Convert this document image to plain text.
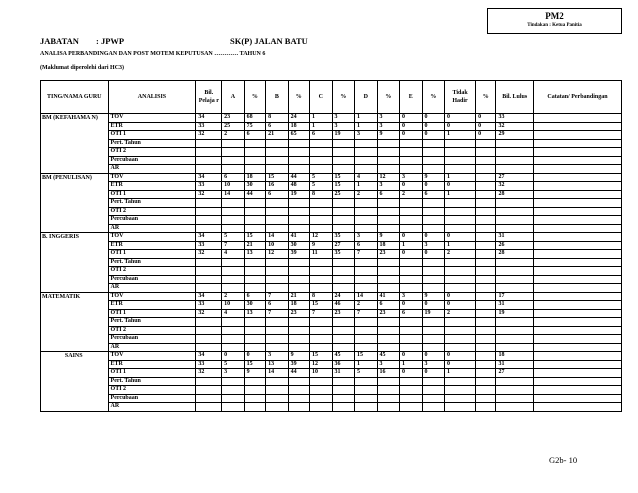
PM2
Tindakan : Ketua Panitia
JABATAN : JPWP	SK(P) JALAN BATU
ANALISA PERBANDINGAN DAN POST MOTEM KEPUTUSAN ………… TAHUN 6
(Maklumat diperolehi dari HC3)
TING/NAMA GURU	ANALISIS	Bil. Pelaja r	A	%	B	%	C	%	D	%	E	%	Tidak Hadir	%	Bil. Lulus	Catatan/ Perbandingan
BM (KEFAHAMA N)	TOV	34	23	68	8	24	1	3	1	3	0	0	0	0	33	
	ETR	33	25	75	6	18	1	3	1	3	0	0	0	0	32	
	OTI 1	32	2	6	21	65	6	19	3	9	0	0	1	0	29	
	Pert. Tahun															
	OTI 2															
	Percubaan															
	AR															
BM (PENULISAN)	TOV	34	6	18	15	44	5	15	4	12	3	9	1		27	
	ETR	33	10	30	16	48	5	15	1	3	0	0	0		32	
	OTI 1	32	14	44	6	19	8	25	2	6	2	6	1		28	
	Pert. Tahun															
	OTI 2															
	Percubaan															
	AR															
B. INGGERIS	TOV	34	5	15	14	41	12	35	3	9	0	0	0		31	
	ETR	33	7	21	10	30	9	27	6	18	1	3	1		26	
	OTI 1	32	4	13	12	39	11	35	7	23	0	0	2		28	
	Pert. Tahun															
	OTI 2															
	Percubaan															
	AR															
MATEMATIK	TOV	34	2	6	7	21	8	24	14	41	3	9	0		17	
	ETR	33	10	30	6	18	15	46	2	6	0	0	0		31	
	OTI 1	32	4	13	7	23	7	23	7	23	6	19	2		19	
	Pert. Tahun															
	OTI 2															
	Percubaan															
	AR															
SAINS	TOV	34	0	0	3	9	15	45	15	45	0	0	0		18	
	ETR	33	5	15	13	39	12	36	1	3	1	3	0		31	
	OTI 1	32	3	9	14	44	10	31	5	16	0	0	1		27	
	Pert. Tahun															
	OTI 2															
	Percubaan															
	AR															
G2b- 10
